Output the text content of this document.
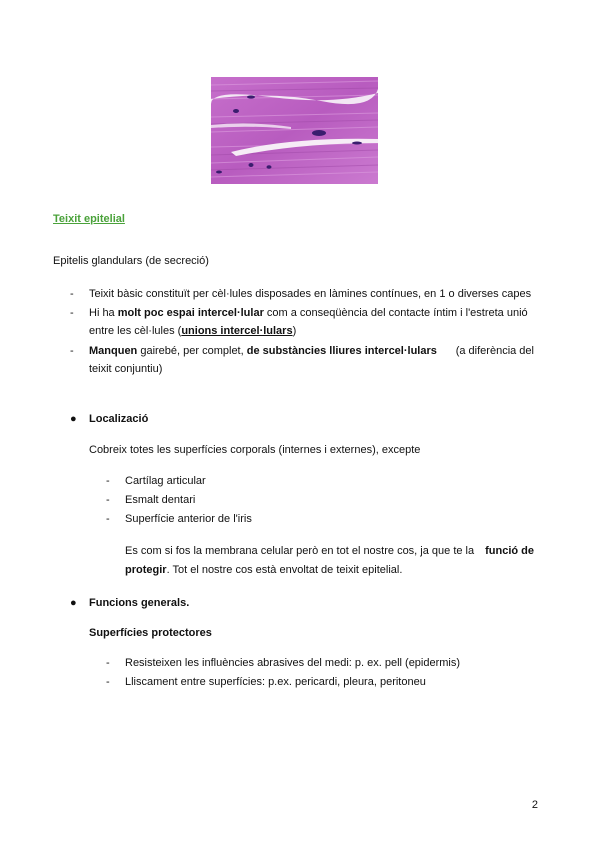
Teixit epitelial
Epitelis glandulars (de secreció)
- Teixit bàsic constituït per cèl·lules disposades en làmines contínues, en 1 o diverses capes
- Hi ha molt poc espai intercel·lular com a conseqüència del contacte íntim i l'estreta unió
entre les cèl·lules (unions intercel·lulars)
- Manquen gairebé, per complet, de substàncies lliures intercel·lulars (a diferència del
teixit conjuntiu)
● Localizació
Cobreix totes les superfícies corporals (internes i externes), excepte
- Cartílag articular
- Esmalt dentari
- Superfície anterior de l'iris
Es com si fos la membrana celular però en tot el nostre cos, ja que te la funció de
protegir. Tot el nostre cos està envoltat de teixit epitelial.
● Funcions generals.
Superfícies protectores
- Resisteixen les influències abrasives del medi: p. ex. pell (epidermis)
- Lliscament entre superfícies: p.ex. pericardi, pleura, peritoneu
2
